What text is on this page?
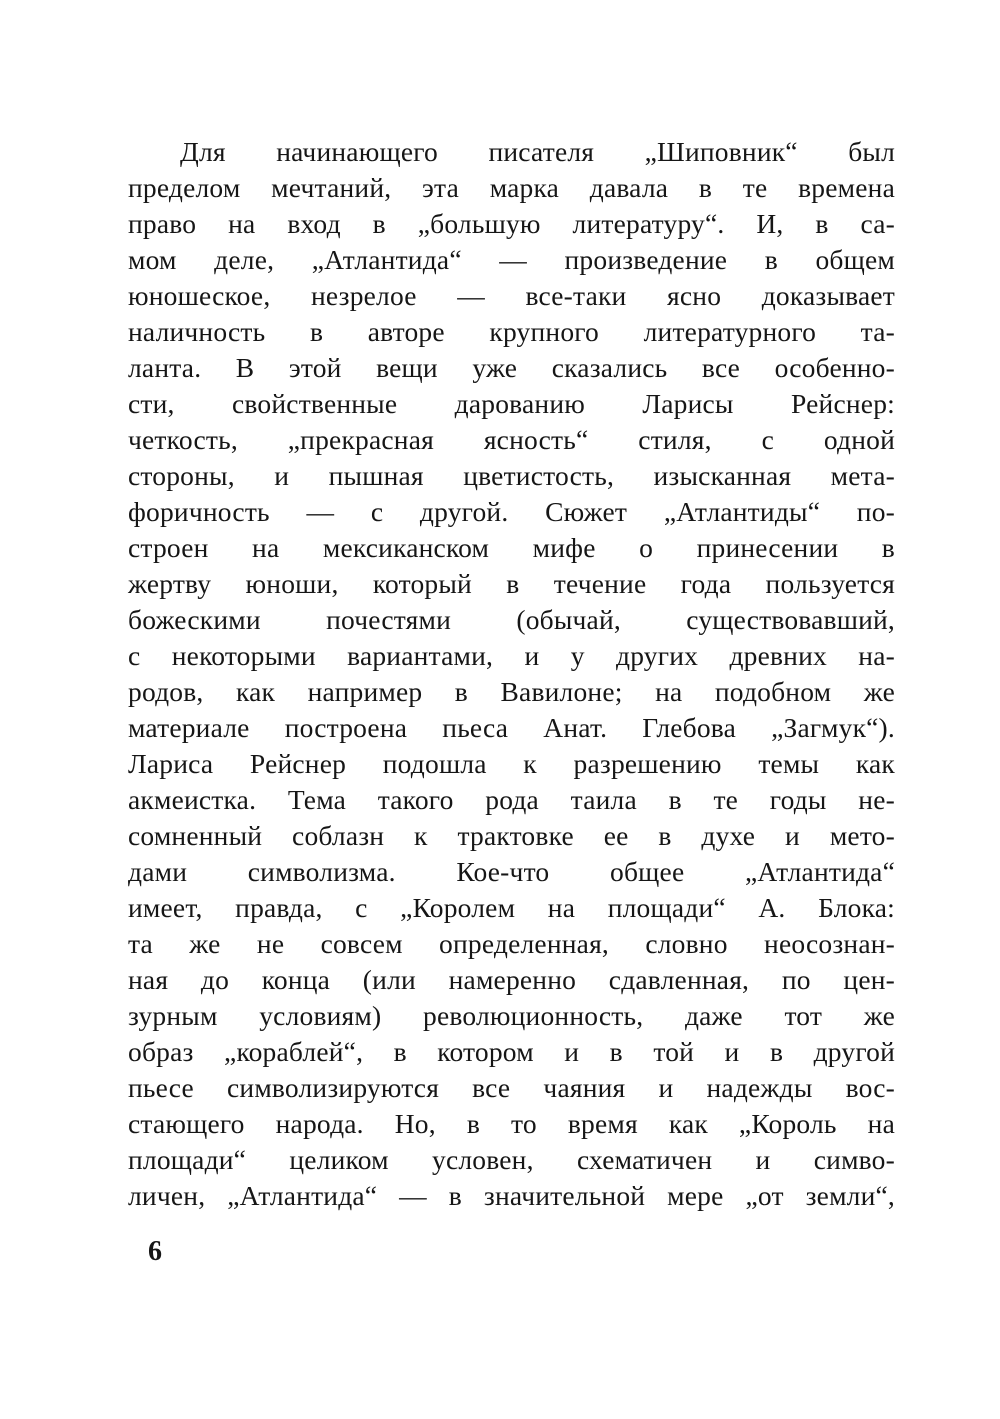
Для начинающего писателя „Шиповник“ был
пределом мечтаний, эта марка давала в те времена
право на вход в „большую литературу“. И, в са-
мом деле, „Атлантида“ — произведение в общем
юношеское, незрелое — все-таки ясно доказывает
наличность в авторе крупного литературного та-
ланта. В этой вещи уже сказались все особенно-
сти, свойственные дарованию Ларисы Рейснер:
четкость, „прекрасная ясность“ стиля, с одной
стороны, и пышная цветистость, изысканная мета-
форичность — с другой. Сюжет „Атлантиды“ по-
строен на мексиканском мифе о принесении в
жертву юноши, который в течение года пользуется
божескими почестями (обычай, существовавший,
с некоторыми вариантами, и у других древних на-
родов, как например в Вавилоне; на подобном же
материале построена пьеса Анат. Глебова „Загмук“).
Лариса Рейснер подошла к разрешению темы как
акмеистка. Тема такого рода таила в те годы не-
сомненный соблазн к трактовке ее в духе и мето-
дами символизма. Кое-что общее „Атлантида“
имеет, правда, с „Королем на площади“ А. Блока:
та же не совсем определенная, словно неосознан-
ная до конца (или намеренно сдавленная, по цен-
зурным условиям) революционность, даже тот же
образ „кораблей“, в котором и в той и в другой
пьесе символизируются все чаяния и надежды вос-
стающего народа. Но, в то время как „Король на
площади“ целиком условен, схематичен и симво-
личен, „Атлантида“ — в значительной мере „от земли“,
6
